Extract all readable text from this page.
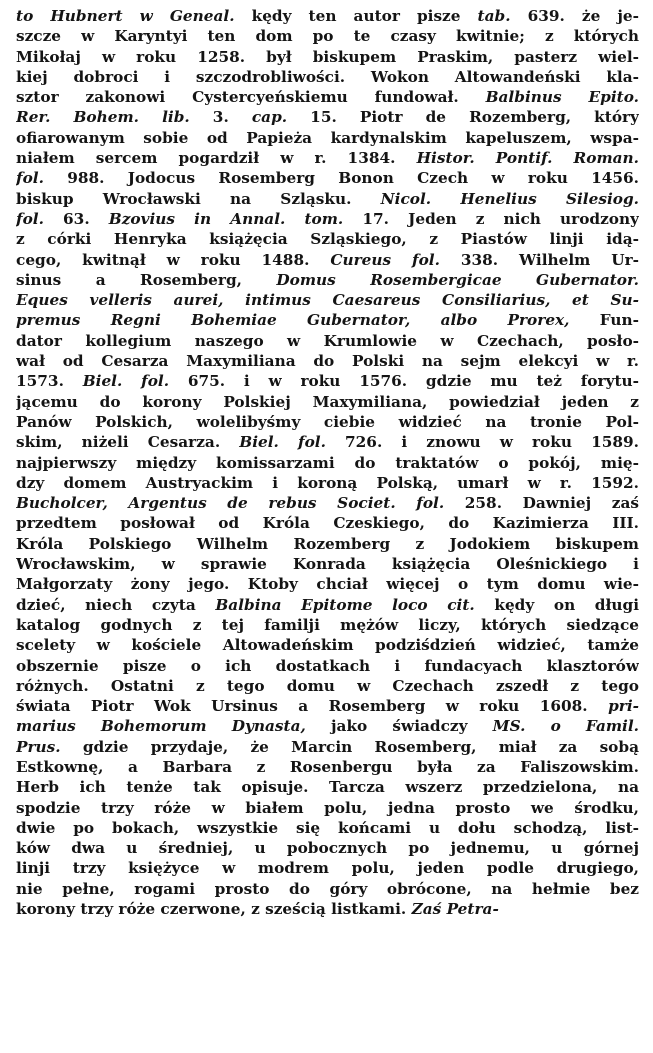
to Hubnert w Geneal. kędy ten autor pisze tab. 639. że je-
szcze w Karyntyi ten dom po te czasy kwitnie; z których
Mikołaj w roku 1258. był biskupem Praskim, pasterz wiel-
kiej dobroci i szczodrobliwości. Wokon Altowandeński kla-
sztor zakonowi Cystercyeńskiemu fundował. Balbinus Epito.
Rer. Bohem. lib. 3. cap. 15. Piotr de Rozemberg, który
ofiarowanym sobie od Papieża kardynalskim kapeluszem, wspa-
niałem sercem pogardził w r. 1384. Histor. Pontif. Roman.
fol. 988. Jodocus Rosemberg Bonon Czech w roku 1456.
biskup Wrocławski na Szląsku. Nicol. Henelius Silesiog.
fol. 63. Bzovius in Annal. tom. 17. Jeden z nich urodzony
z córki Henryka książęcia Szląskiego, z Piastów linji idą-
cego, kwitnął w roku 1488. Cureus fol. 338. Wilhelm Ur-
sinus a Rosemberg, Domus Rosembergicae Gubernator.
Eques velleris aurei, intimus Caesareus Consiliarius, et Su-
premus Regni Bohemiae Gubernator, albo Prorex, Fun-
dator kollegium naszego w Krumlowie w Czechach, posło-
wał od Cesarza Maxymiliana do Polski na sejm elekcyi w r.
1573. Biel. fol. 675. i w roku 1576. gdzie mu też forytu-
jącemu do korony Polskiej Maxymiliana, powiedział jeden z
Panów Polskich, wolelibyśmy ciebie widzieć na tronie Pol-
skim, niżeli Cesarza. Biel. fol. 726. i znowu w roku 1589.
najpierwszy między komissarzami do traktatów o pokój, mię-
dzy domem Austryackim i koroną Polską, umarł w r. 1592.
Bucholcer, Argentus de rebus Societ. fol. 258. Dawniej zaś
przedtem posłował od Króla Czeskiego, do Kazimierza III.
Króla Polskiego Wilhelm Rozemberg z Jodokiem biskupem
Wrocławskim, w sprawie Konrada książęcia Oleśnickiego i
Małgorzaty żony jego. Ktoby chciał więcej o tym domu wie-
dzieć, niech czyta Balbina Epitome loco cit. kędy on długi
katalog godnych z tej familji mężów liczy, których siedzące
scelety w kościele Altowadeńskim podziśdzień widzieć, tamże
obszernie pisze o ich dostatkach i fundacyach klasztorów
różnych. Ostatni z tego domu w Czechach zszedł z tego
świata Piotr Wok Ursinus a Rosemberg w roku 1608. pri-
marius Bohemorum Dynasta, jako świadczy MS. o Famil.
Prus. gdzie przydaje, że Marcin Rosemberg, miał za sobą
Estkownę, a Barbara z Rosenbergu była za Faliszowskim.
Herb ich tenże tak opisuje. Tarcza wszerz przedzielona, na
spodzie trzy róże w białem polu, jedna prosto we środku,
dwie po bokach, wszystkie się końcami u dołu schodzą, list-
ków dwa u średniej, u pobocznych po jednemu, u górnej
linji trzy księżyce w modrem polu, jeden podle drugiego,
nie pełne, rogami prosto do góry obrócone, na hełmie bez
korony trzy róże czerwone, z sześcią listkami. Zaś Petra-
